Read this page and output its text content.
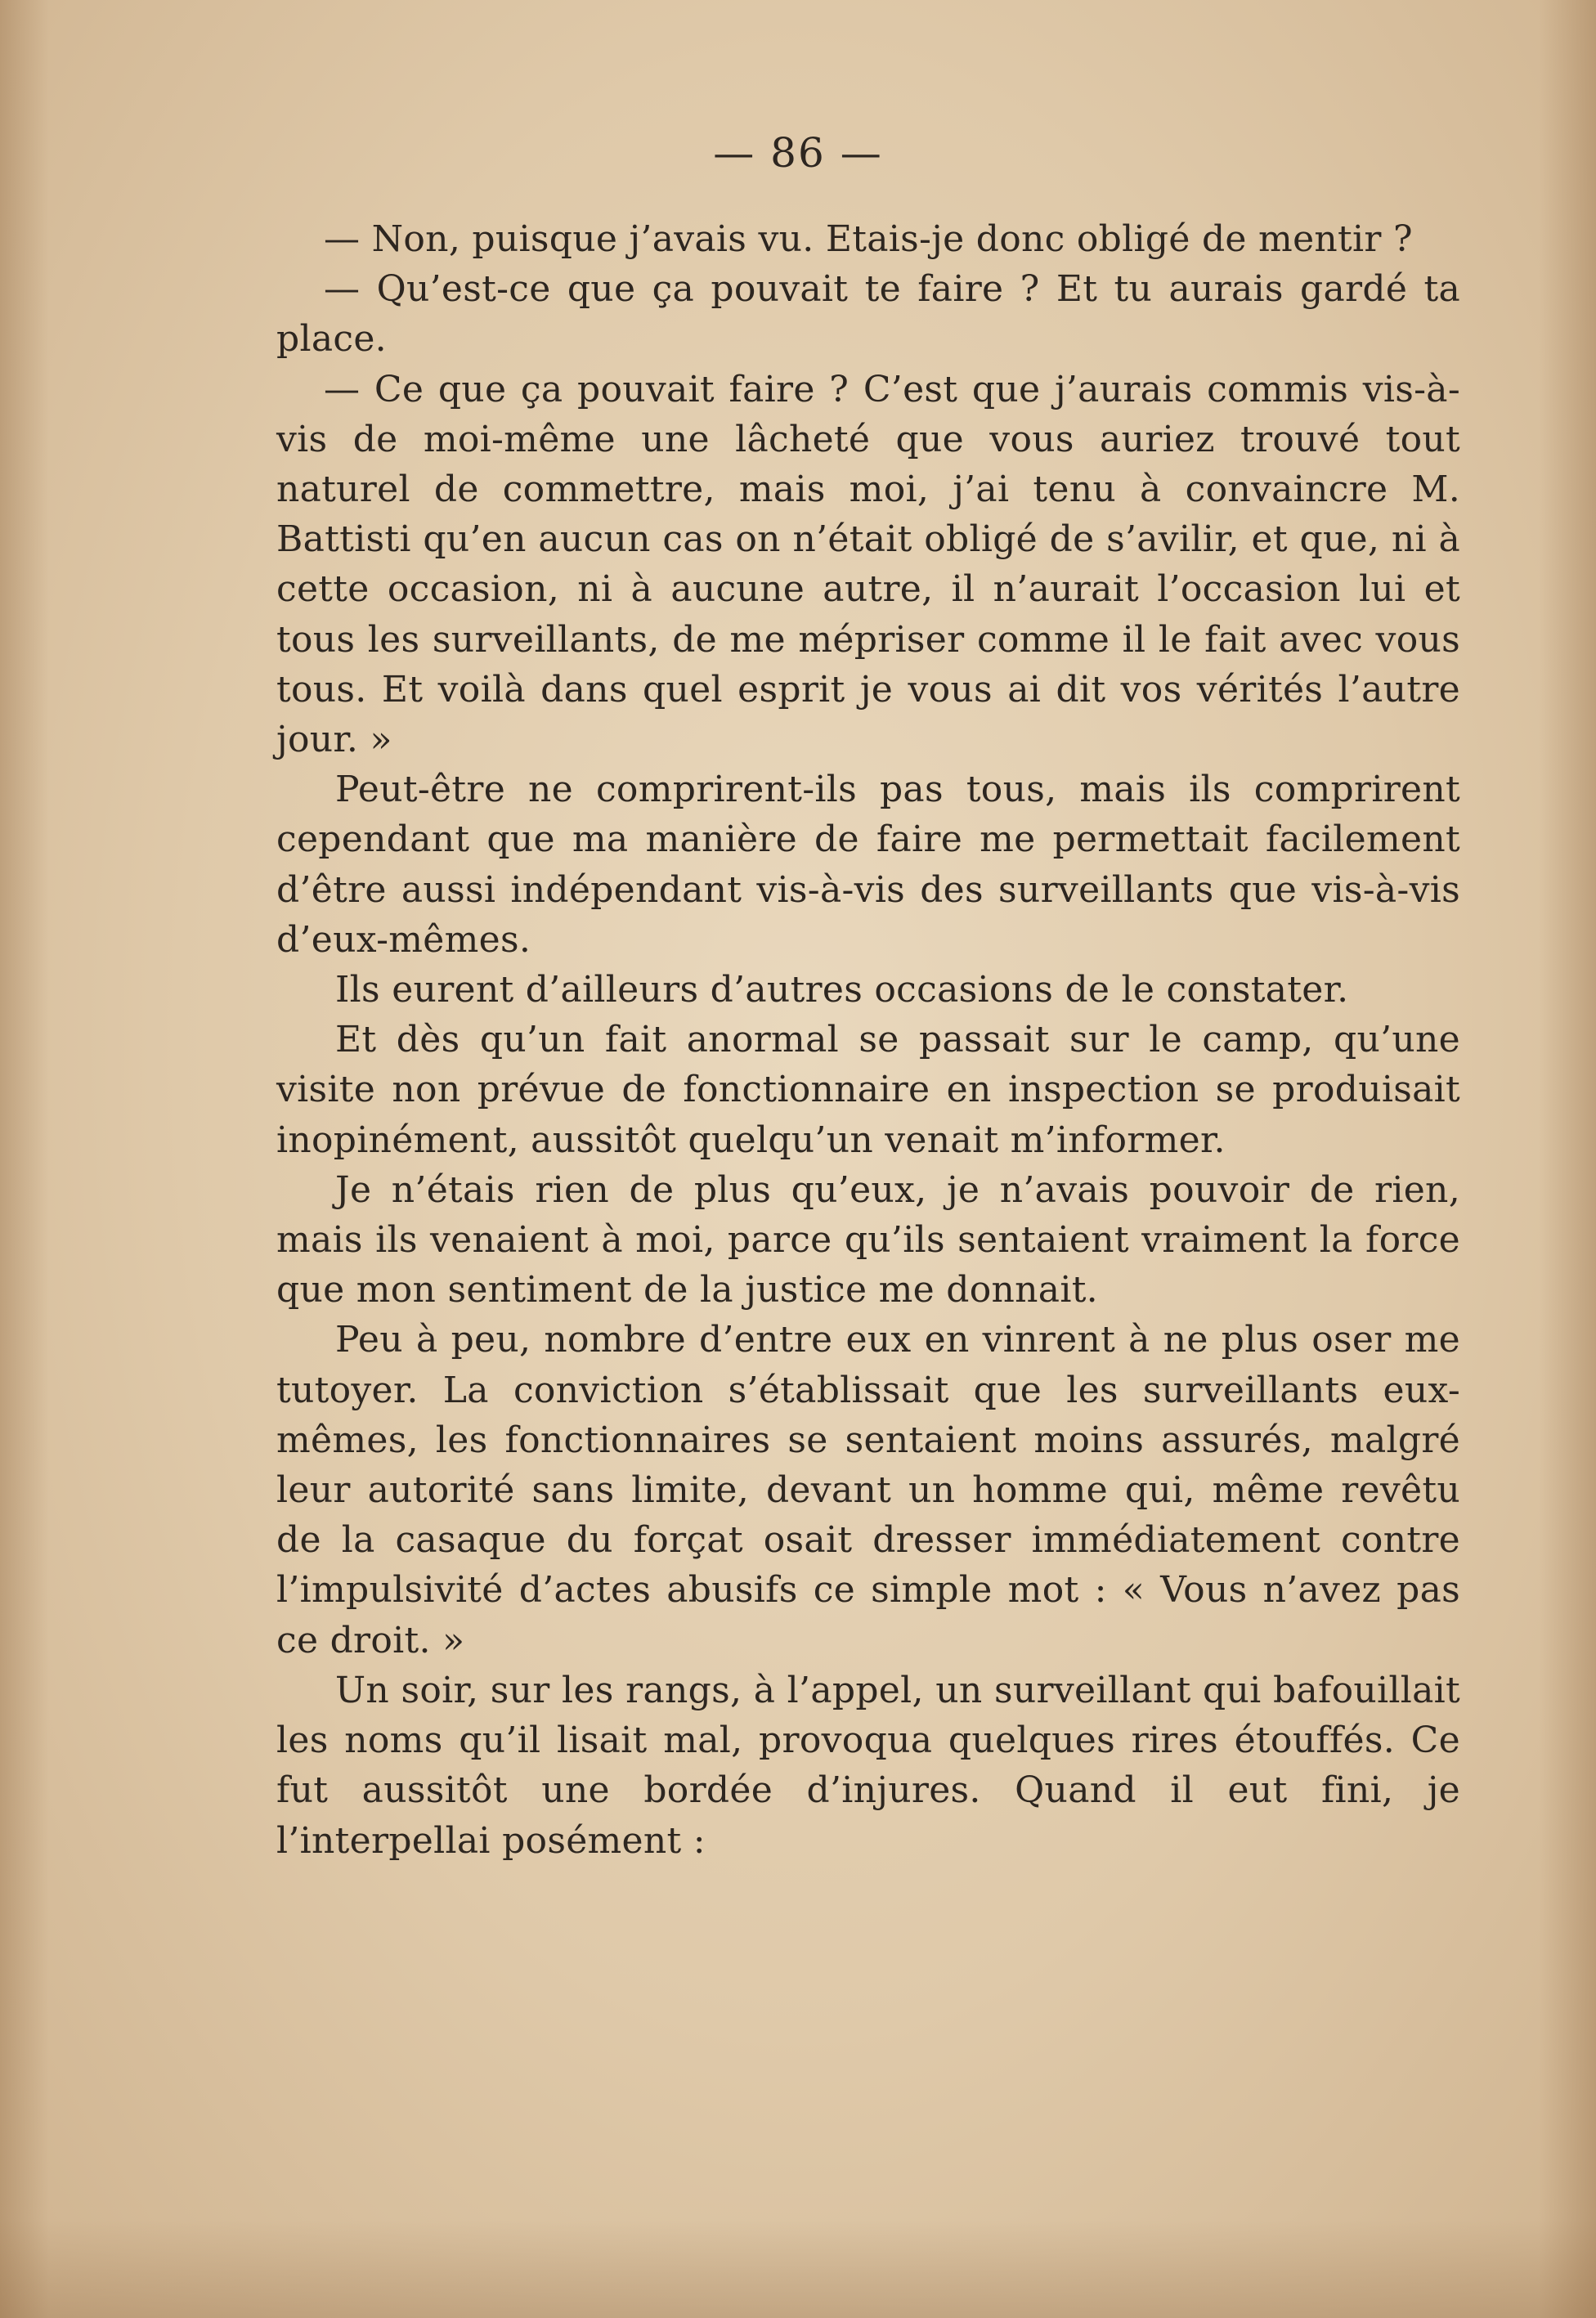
— 86 —

— Non, puisque j’avais vu. Etais-je donc obligé de mentir ?

— Qu’est-ce que ça pouvait te faire ? Et tu aurais gardé ta place.

— Ce que ça pouvait faire ? C’est que j’aurais commis vis-à-vis de moi-même une lâcheté que vous auriez trouvé tout naturel de commettre, mais moi, j’ai tenu à convaincre M. Battisti qu’en aucun cas on n’était obligé de s’avilir, et que, ni à cette occasion, ni à aucune autre, il n’aurait l’occasion lui et tous les surveillants, de me mépriser comme il le fait avec vous tous. Et voilà dans quel esprit je vous ai dit vos vérités l’autre jour. »

Peut-être ne comprirent-ils pas tous, mais ils comprirent cependant que ma manière de faire me permettait facilement d’être aussi indépendant vis-à-vis des surveillants que vis-à-vis d’eux-mêmes.

Ils eurent d’ailleurs d’autres occasions de le constater.

Et dès qu’un fait anormal se passait sur le camp, qu’une visite non prévue de fonctionnaire en inspection se produisait inopinément, aussitôt quelqu’un venait m’informer.

Je n’étais rien de plus qu’eux, je n’avais pouvoir de rien, mais ils venaient à moi, parce qu’ils sentaient vraiment la force que mon sentiment de la justice me donnait.

Peu à peu, nombre d’entre eux en vinrent à ne plus oser me tutoyer. La conviction s’établissait que les surveillants eux-mêmes, les fonctionnaires se sentaient moins assurés, malgré leur autorité sans limite, devant un homme qui, même revêtu de la casaque du forçat osait dresser immédiatement contre l’impulsivité d’actes abusifs ce simple mot : « Vous n’avez pas ce droit. »

Un soir, sur les rangs, à l’appel, un surveillant qui bafouillait les noms qu’il lisait mal, provoqua quelques rires étouffés. Ce fut aussitôt une bordée d’injures. Quand il eut fini, je l’interpellai posément :
